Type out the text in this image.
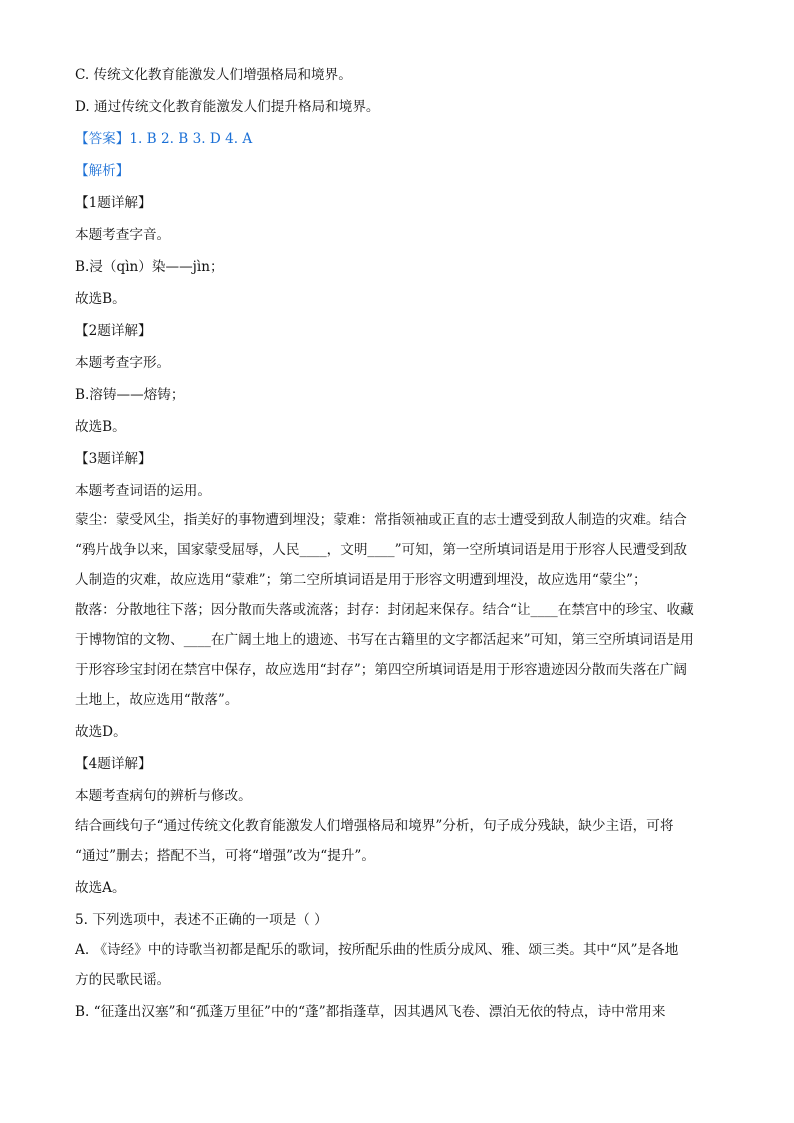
C. 传统文化教育能激发人们增强格局和境界。
D. 通过传统文化教育能激发人们提升格局和境界。
【答案】1. B 2. B 3. D 4. A
【解析】
【1题详解】
本题考查字音。
B.浸（qìn）染——jìn；
故选B。
【2题详解】
本题考查字形。
B.溶铸——熔铸；
故选B。
【3题详解】
本题考查词语的运用。
蒙尘：蒙受风尘，指美好的事物遭到埋没；蒙难：常指领袖或正直的志士遭受到敌人制造的灾难。结合
“鸦片战争以来，国家蒙受屈辱，人民____，文明____”可知，第一空所填词语是用于形容人民遭受到敌
人制造的灾难，故应选用“蒙难”；第二空所填词语是用于形容文明遭到埋没，故应选用“蒙尘”；
散落：分散地往下落；因分散而失落或流落；封存：封闭起来保存。结合“让____在禁宫中的珍宝、收藏
于博物馆的文物、____在广阔土地上的遗迹、书写在古籍里的文字都活起来”可知，第三空所填词语是用
于形容珍宝封闭在禁宫中保存，故应选用“封存”；第四空所填词语是用于形容遗迹因分散而失落在广阔
土地上，故应选用“散落”。
故选D。
【4题详解】
本题考查病句的辨析与修改。
结合画线句子“通过传统文化教育能激发人们增强格局和境界”分析，句子成分残缺，缺少主语，可将
“通过”删去；搭配不当，可将“增强”改为“提升”。
故选A。
5. 下列选项中，表述不正确的一项是（ ）
A. 《诗经》中的诗歌当初都是配乐的歌词，按所配乐曲的性质分成风、雅、颂三类。其中“风”是各地
方的民歌民谣。
B. “征蓬出汉塞”和“孤蓬万里征”中的“蓬”都指蓬草，因其遇风飞卷、漂泊无依的特点，诗中常用来
